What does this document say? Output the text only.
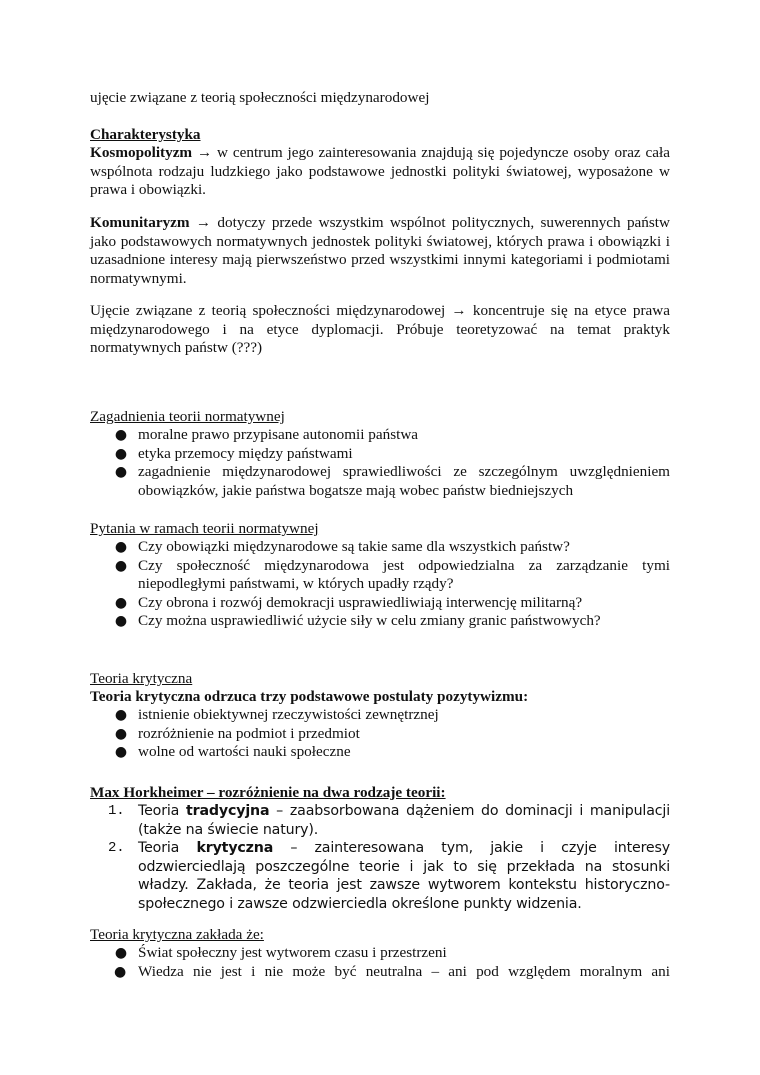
ujęcie związane z teorią społeczności międzynarodowej

Charakterystyka

Kosmopolityzm → w centrum jego zainteresowania znajdują się pojedyncze osoby oraz cała wspólnota rodzaju ludzkiego jako podstawowe jednostki polityki światowej, wyposażone w prawa i obowiązki.

Komunitaryzm → dotyczy przede wszystkim wspólnot politycznych, suwerennych państw jako podstawowych normatywnych jednostek polityki światowej, których prawa i obowiązki i uzasadnione interesy mają pierwszeństwo przed wszystkimi innymi kategoriami i podmiotami normatywnymi.

Ujęcie związane z teorią społeczności międzynarodowej → koncentruje się na etyce prawa międzynarodowego i na etyce dyplomacji. Próbuje teoretyzować na temat praktyk normatywnych państw (???)

Zagadnienia teorii normatywnej

● moralne prawo przypisane autonomii państwa
● etyka przemocy między państwami
● zagadnienie międzynarodowej sprawiedliwości ze szczególnym uwzględnieniem obowiązków, jakie państwa bogatsze mają wobec państw biedniejszych

Pytania w ramach teorii normatywnej

● Czy obowiązki międzynarodowe są takie same dla wszystkich państw?
● Czy społeczność międzynarodowa jest odpowiedzialna za zarządzanie tymi niepodległymi państwami, w których upadły rządy?
● Czy obrona i rozwój demokracji usprawiedliwiają interwencję militarną?
● Czy można usprawiedliwić użycie siły w celu zmiany granic państwowych?

Teoria krytyczna

Teoria krytyczna odrzuca trzy podstawowe postulaty pozytywizmu:

● istnienie obiektywnej rzeczywistości zewnętrznej
● rozróżnienie na podmiot i przedmiot
● wolne od wartości nauki społeczne

Max Horkheimer – rozróżnienie na dwa rodzaje teorii:

1. Teoria tradycyjna – zaabsorbowana dążeniem do dominacji i manipulacji (także na świecie natury).
2. Teoria krytyczna – zainteresowana tym, jakie i czyje interesy odzwierciedlają poszczególne teorie i jak to się przekłada na stosunki władzy. Zakłada, że teoria jest zawsze wytworem kontekstu historyczno-społecznego i zawsze odzwierciedla określone punkty widzenia.

Teoria krytyczna zakłada że:

● Świat społeczny jest wytworem czasu i przestrzeni
● Wiedza nie jest i nie może być neutralna – ani pod względem moralnym ani
